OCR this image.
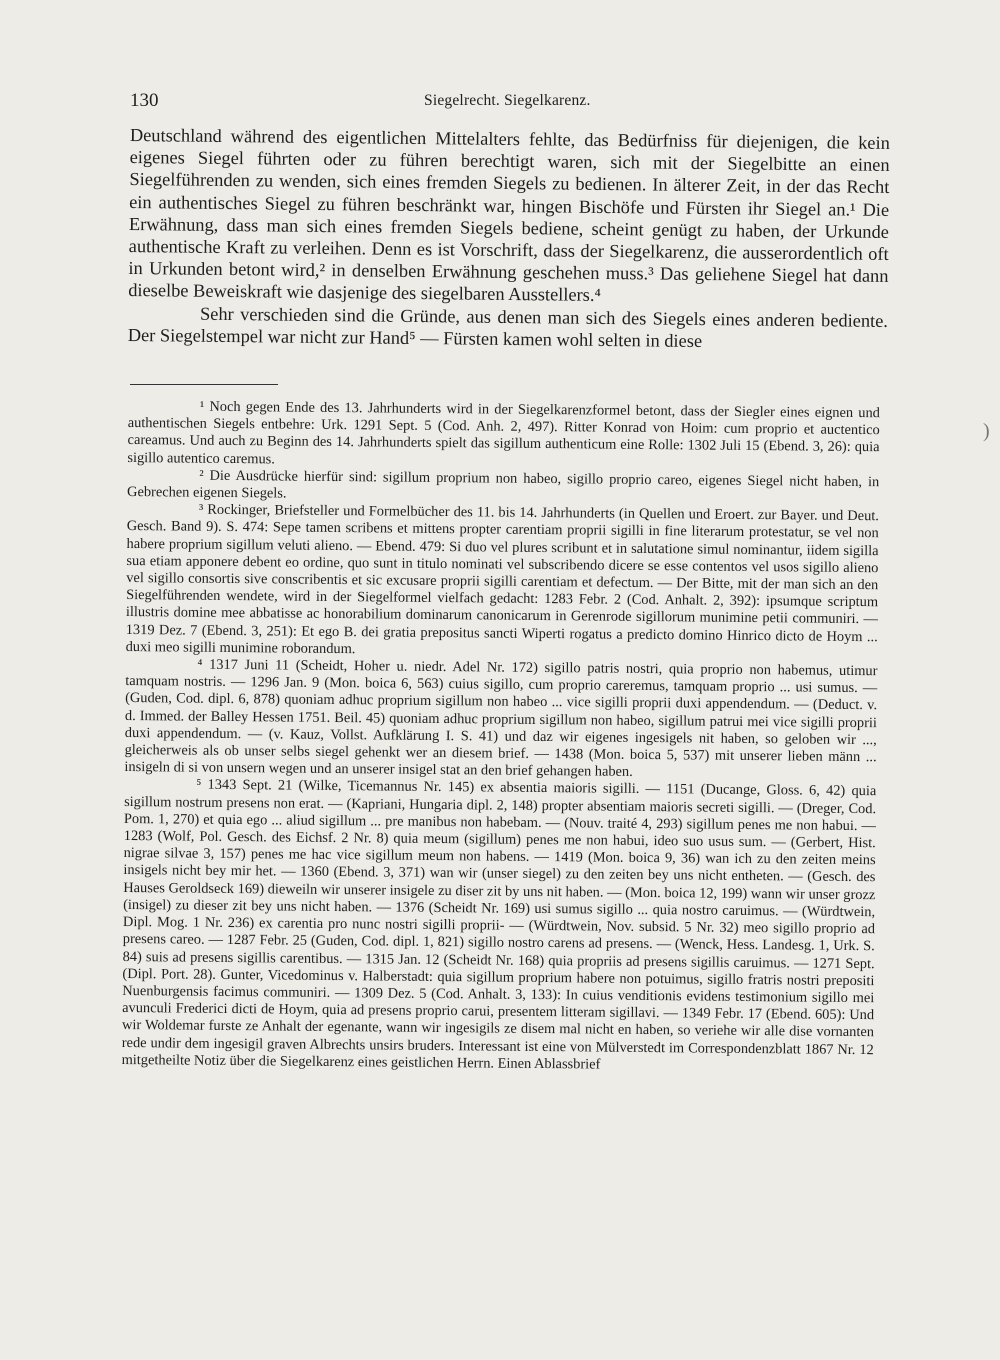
130	Siegelrecht. Siegelkarenz.

Deutschland während des eigentlichen Mittelalters fehlte, das Bedürfniss für diejenigen, die kein eigenes Siegel führten oder zu führen berechtigt waren, sich mit der Siegelbitte an einen Siegelführenden zu wenden, sich eines fremden Siegels zu bedienen. In älterer Zeit, in der das Recht ein authentisches Siegel zu führen beschränkt war, hingen Bischöfe und Fürsten ihr Siegel an.¹ Die Erwähnung, dass man sich eines fremden Siegels bediene, scheint genügt zu haben, der Urkunde authentische Kraft zu verleihen. Denn es ist Vorschrift, dass der Siegelkarenz, die ausserordentlich oft in Urkunden betont wird,² in denselben Erwähnung geschehen muss.³ Das geliehene Siegel hat dann dieselbe Beweiskraft wie dasjenige des siegelbaren Ausstellers.⁴

Sehr verschieden sind die Gründe, aus denen man sich des Siegels eines anderen bediente. Der Siegelstempel war nicht zur Hand⁵ — Fürsten kamen wohl selten in diese

¹ Noch gegen Ende des 13. Jahrhunderts wird in der Siegelkarenzformel betont, dass der Siegler eines eignen und authentischen Siegels entbehre: Urk. 1291 Sept. 5 (Cod. Anh. 2, 497). Ritter Konrad von Hoim: cum proprio et auctentico careamus. Und auch zu Beginn des 14. Jahrhunderts spielt das sigillum authenticum eine Rolle: 1302 Juli 15 (Ebend. 3, 26): quia sigillo autentico caremus.

² Die Ausdrücke hierfür sind: sigillum proprium non habeo, sigillo proprio careo, eigenes Siegel nicht haben, in Gebrechen eigenen Siegels.

³ Rockinger, Briefsteller und Formelbücher des 11. bis 14. Jahrhunderts (in Quellen und Eroert. zur Bayer. und Deut. Gesch. Band 9). S. 474: Sepe tamen scribens et mittens propter carentiam proprii sigilli in fine literarum protestatur, se vel non habere proprium sigillum veluti alieno. — Ebend. 479: Si duo vel plures scribunt et in salutatione simul nominantur, iidem sigilla sua etiam apponere debent eo ordine, quo sunt in titulo nominati vel subscribendo dicere se esse contentos vel usos sigillo alieno vel sigillo consortis sive conscribentis et sic excusare proprii sigilli carentiam et defectum. — Der Bitte, mit der man sich an den Siegelführenden wendete, wird in der Siegelformel vielfach gedacht: 1283 Febr. 2 (Cod. Anhalt. 2, 392): ipsumque scriptum illustris domine mee abbatisse ac honorabilium dominarum canonicarum in Gerenrode sigillorum munimine petii communiri. — 1319 Dez. 7 (Ebend. 3, 251): Et ego B. dei gratia prepositus sancti Wiperti rogatus a predicto domino Hinrico dicto de Hoym ... duxi meo sigilli munimine roborandum.

⁴ 1317 Juni 11 (Scheidt, Hoher u. niedr. Adel Nr. 172) sigillo patris nostri, quia proprio non habemus, utimur tamquam nostris. — 1296 Jan. 9 (Mon. boica 6, 563) cuius sigillo, cum proprio careremus, tamquam proprio ... usi sumus. — (Guden, Cod. dipl. 6, 878) quoniam adhuc proprium sigillum non habeo ... vice sigilli proprii duxi appendendum. — (Deduct. v. d. Immed. der Balley Hessen 1751. Beil. 45) quoniam adhuc proprium sigillum non habeo, sigillum patrui mei vice sigilli proprii duxi appendendum. — (v. Kauz, Vollst. Aufklärung I. S. 41) und daz wir eigenes ingesigels nit haben, so geloben wir ..., gleicherweis als ob unser selbs siegel gehenkt wer an diesem brief. — 1438 (Mon. boica 5, 537) mit unserer lieben männ ... insigeln di si von unsern wegen und an unserer insigel stat an den brief gehangen haben.

⁵ 1343 Sept. 21 (Wilke, Ticemannus Nr. 145) ex absentia maioris sigilli. — 1151 (Ducange, Gloss. 6, 42) quia sigillum nostrum presens non erat. — (Kapriani, Hungaria dipl. 2, 148) propter absentiam maioris secreti sigilli. — (Dreger, Cod. Pom. 1, 270) et quia ego ... aliud sigillum ... pre manibus non habebam. — (Nouv. traité 4, 293) sigillum penes me non habui. — 1283 (Wolf, Pol. Gesch. des Eichsf. 2 Nr. 8) quia meum (sigillum) penes me non habui, ideo suo usus sum. — (Gerbert, Hist. nigrae silvae 3, 157) penes me hac vice sigillum meum non habens. — 1419 (Mon. boica 9, 36) wan ich zu den zeiten meins insigels nicht bey mir het. — 1360 (Ebend. 3, 371) wan wir (unser siegel) zu den zeiten bey uns nicht entheten. — (Gesch. des Hauses Geroldseck 169) dieweiln wir unserer insigele zu diser zit by uns nit haben. — (Mon. boica 12, 199) wann wir unser grozz (insigel) zu dieser zit bey uns nicht haben. — 1376 (Scheidt Nr. 169) usi sumus sigillo ... quia nostro caruimus. — (Würdtwein, Dipl. Mog. 1 Nr. 236) ex carentia pro nunc nostri sigilli proprii- — (Würdtwein, Nov. subsid. 5 Nr. 32) meo sigillo proprio ad presens careo. — 1287 Febr. 25 (Guden, Cod. dipl. 1, 821) sigillo nostro carens ad presens. — (Wenck, Hess. Landesg. 1, Urk. S. 84) suis ad presens sigillis carentibus. — 1315 Jan. 12 (Scheidt Nr. 168) quia propriis ad presens sigillis caruimus. — 1271 Sept. (Dipl. Port. 28). Gunter, Vicedominus v. Halberstadt: quia sigillum proprium habere non potuimus, sigillo fratris nostri prepositi Nuenburgensis facimus communiri. — 1309 Dez. 5 (Cod. Anhalt. 3, 133): In cuius venditionis evidens testimonium sigillo mei avunculi Frederici dicti de Hoym, quia ad presens proprio carui, presentem litteram sigillavi. — 1349 Febr. 17 (Ebend. 605): Und wir Woldemar furste ze Anhalt der egenante, wann wir ingesigils ze disem mal nicht en haben, so veriehe wir alle dise vornanten rede undir dem ingesigil graven Albrechts unsirs bruders. Interessant ist eine von Mülverstedt im Correspondenzblatt 1867 Nr. 12 mitgetheilte Notiz über die Siegelkarenz eines geistlichen Herrn. Einen Ablassbrief

)
